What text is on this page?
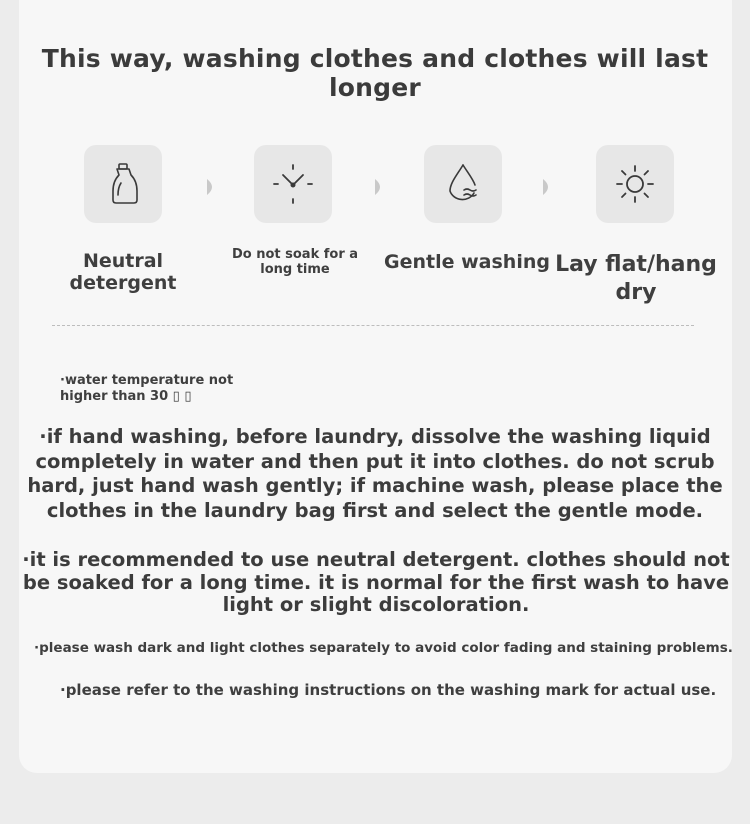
This way, washing clothes and clothes will last longer
Neutral detergent
Do not soak for a long time	Gentle washing Lay flat/hang dry
·water temperature not higher than 30 ▯ ▯
·if hand washing, before laundry, dissolve the washing liquid completely in water and then put it into clothes. do not scrub hard, just hand wash gently; if machine wash, please place the clothes in the laundry bag first and select the gentle mode.
·it is recommended to use neutral detergent. clothes should not be soaked for a long time. it is normal for the first wash to have light or slight discoloration.
·please wash dark and light clothes separately to avoid color fading and staining problems.
·please refer to the washing instructions on the washing mark for actual use.
